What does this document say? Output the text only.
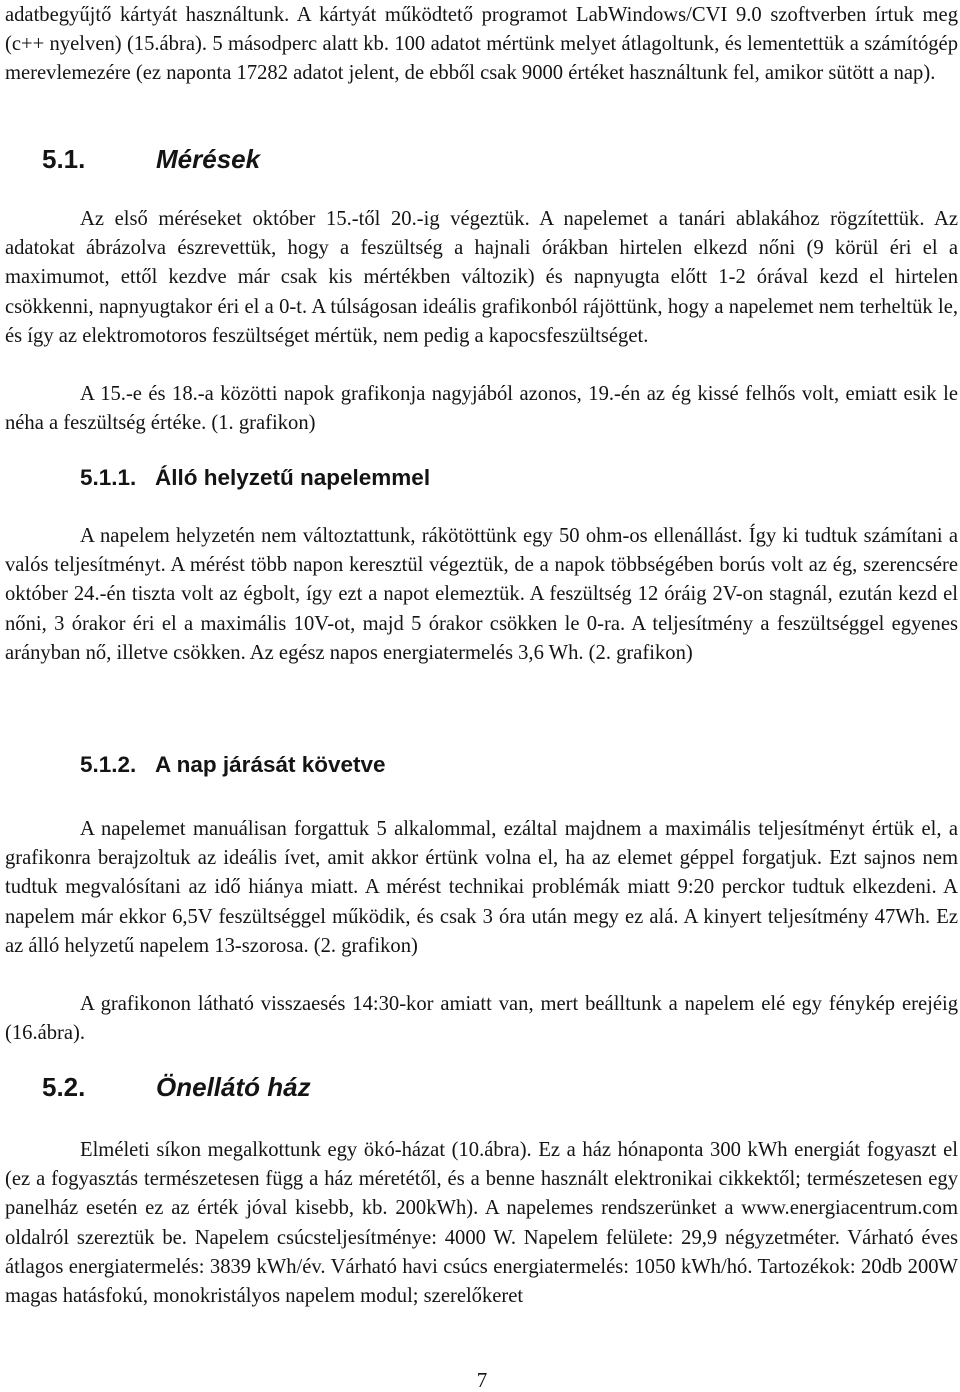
adatbegyűjtő kártyát használtunk. A kártyát működtető programot LabWindows/CVI 9.0 szoftverben írtuk meg (c++ nyelven) (15.ábra). 5 másodperc alatt kb. 100 adatot mértünk melyet átlagoltunk, és lementettük a számítógép merevlemezére (ez naponta 17282 adatot jelent, de ebből csak 9000 értéket használtunk fel, amikor sütött a nap).

5.1.	Mérések

Az első méréseket október 15.-től 20.-ig végeztük. A napelemet a tanári ablakához rögzítettük. Az adatokat ábrázolva észrevettük, hogy a feszültség a hajnali órákban hirtelen elkezd nőni (9 körül éri el a maximumot, ettől kezdve már csak kis mértékben változik) és napnyugta előtt 1-2 órával kezd el hirtelen csökkenni, napnyugtakor éri el a 0-t. A túlságosan ideális grafikonból rájöttünk, hogy a napelemet nem terheltük le, és így az elektromotoros feszültséget mértük, nem pedig a kapocsfeszültséget.

A 15.-e és 18.-a közötti napok grafikonja nagyjából azonos, 19.-én az ég kissé felhős volt, emiatt esik le néha a feszültség értéke. (1. grafikon)

5.1.1. Álló helyzetű napelemmel

A napelem helyzetén nem változtattunk, rákötöttünk egy 50 ohm-os ellenállást. Így ki tudtuk számítani a valós teljesítményt. A mérést több napon keresztül végeztük, de a napok többségében borús volt az ég, szerencsére október 24.-én tiszta volt az égbolt, így ezt a napot elemeztük. A feszültség 12 óráig 2V-on stagnál, ezután kezd el nőni, 3 órakor éri el a maximális 10V-ot, majd 5 órakor csökken le 0-ra. A teljesítmény a feszültséggel egyenes arányban nő, illetve csökken. Az egész napos energiatermelés 3,6 Wh. (2. grafikon)

5.1.2. A nap járását követve

A napelemet manuálisan forgattuk 5 alkalommal, ezáltal majdnem a maximális teljesítményt értük el, a grafikonra berajzoltuk az ideális ívet, amit akkor értünk volna el, ha az elemet géppel forgatjuk. Ezt sajnos nem tudtuk megvalósítani az idő hiánya miatt. A mérést technikai problémák miatt 9:20 perckor tudtuk elkezdeni. A napelem már ekkor 6,5V feszültséggel működik, és csak 3 óra után megy ez alá. A kinyert teljesítmény 47Wh. Ez az álló helyzetű napelem 13-szorosa. (2. grafikon)

A grafikonon látható visszaesés 14:30-kor amiatt van, mert beálltunk a napelem elé egy fénykép erejéig (16.ábra).

5.2.	Önellátó ház

Elméleti síkon megalkottunk egy ökó-házat (10.ábra). Ez a ház hónaponta 300 kWh energiát fogyaszt el (ez a fogyasztás természetesen függ a ház méretétől, és a benne használt elektronikai cikkektől; természetesen egy panelház esetén ez az érték jóval kisebb, kb. 200kWh). A napelemes rendszerünket a www.energiacentrum.com oldalról szereztük be. Napelem csúcsteljesítménye: 4000 W. Napelem felülete: 29,9 négyzetméter. Várható éves átlagos energiatermelés: 3839 kWh/év. Várható havi csúcs energiatermelés: 1050 kWh/hó. Tartozékok: 20db 200W magas hatásfokú, monokristályos napelem modul; szerelőkeret

7
